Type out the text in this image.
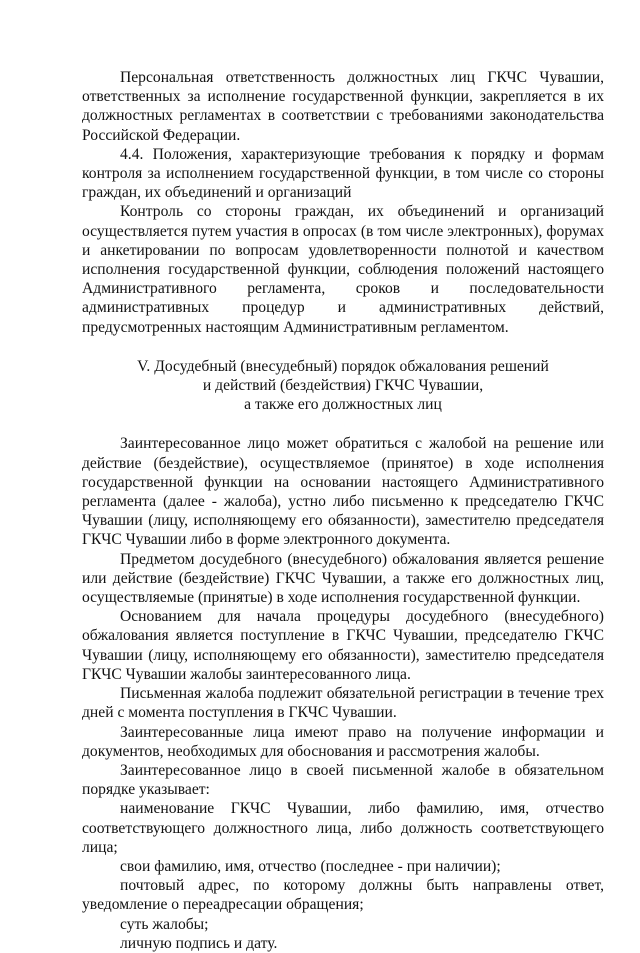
Персональная ответственность должностных лиц ГКЧС Чувашии, ответственных за исполнение государственной функции, закрепляется в их должностных регламентах в соответствии с требованиями законодательства Российской Федерации.

4.4. Положения, характеризующие требования к порядку и формам контроля за исполнением государственной функции, в том числе со стороны граждан, их объединений и организаций

Контроль со стороны граждан, их объединений и организаций осуществляется путем участия в опросах (в том числе электронных), форумах и анкетировании по вопросам удовлетворенности полнотой и качеством исполнения государственной функции, соблюдения положений настоящего Административного регламента, сроков и последовательности административных процедур и административных действий, предусмотренных настоящим Административным регламентом.

V. Досудебный (внесудебный) порядок обжалования решений
и действий (бездействия) ГКЧС Чувашии,
а также его должностных лиц

Заинтересованное лицо может обратиться с жалобой на решение или действие (бездействие), осуществляемое (принятое) в ходе исполнения государственной функции на основании настоящего Административного регламента (далее - жалоба), устно либо письменно к председателю ГКЧС Чувашии (лицу, исполняющему его обязанности), заместителю председателя ГКЧС Чувашии либо в форме электронного документа.

Предметом досудебного (внесудебного) обжалования является решение или действие (бездействие) ГКЧС Чувашии, а также его должностных лиц, осуществляемые (принятые) в ходе исполнения государственной функции.

Основанием для начала процедуры досудебного (внесудебного) обжалования является поступление в ГКЧС Чувашии, председателю ГКЧС Чувашии (лицу, исполняющему его обязанности), заместителю председателя ГКЧС Чувашии жалобы заинтересованного лица.

Письменная жалоба подлежит обязательной регистрации в течение трех дней с момента поступления в ГКЧС Чувашии.

Заинтересованные лица имеют право на получение информации и документов, необходимых для обоснования и рассмотрения жалобы.

Заинтересованное лицо в своей письменной жалобе в обязательном порядке указывает:

наименование ГКЧС Чувашии, либо фамилию, имя, отчество соответствующего должностного лица, либо должность соответствующего лица;

свои фамилию, имя, отчество (последнее - при наличии);

почтовый адрес, по которому должны быть направлены ответ, уведомление о переадресации обращения;

суть жалобы;

личную подпись и дату.
